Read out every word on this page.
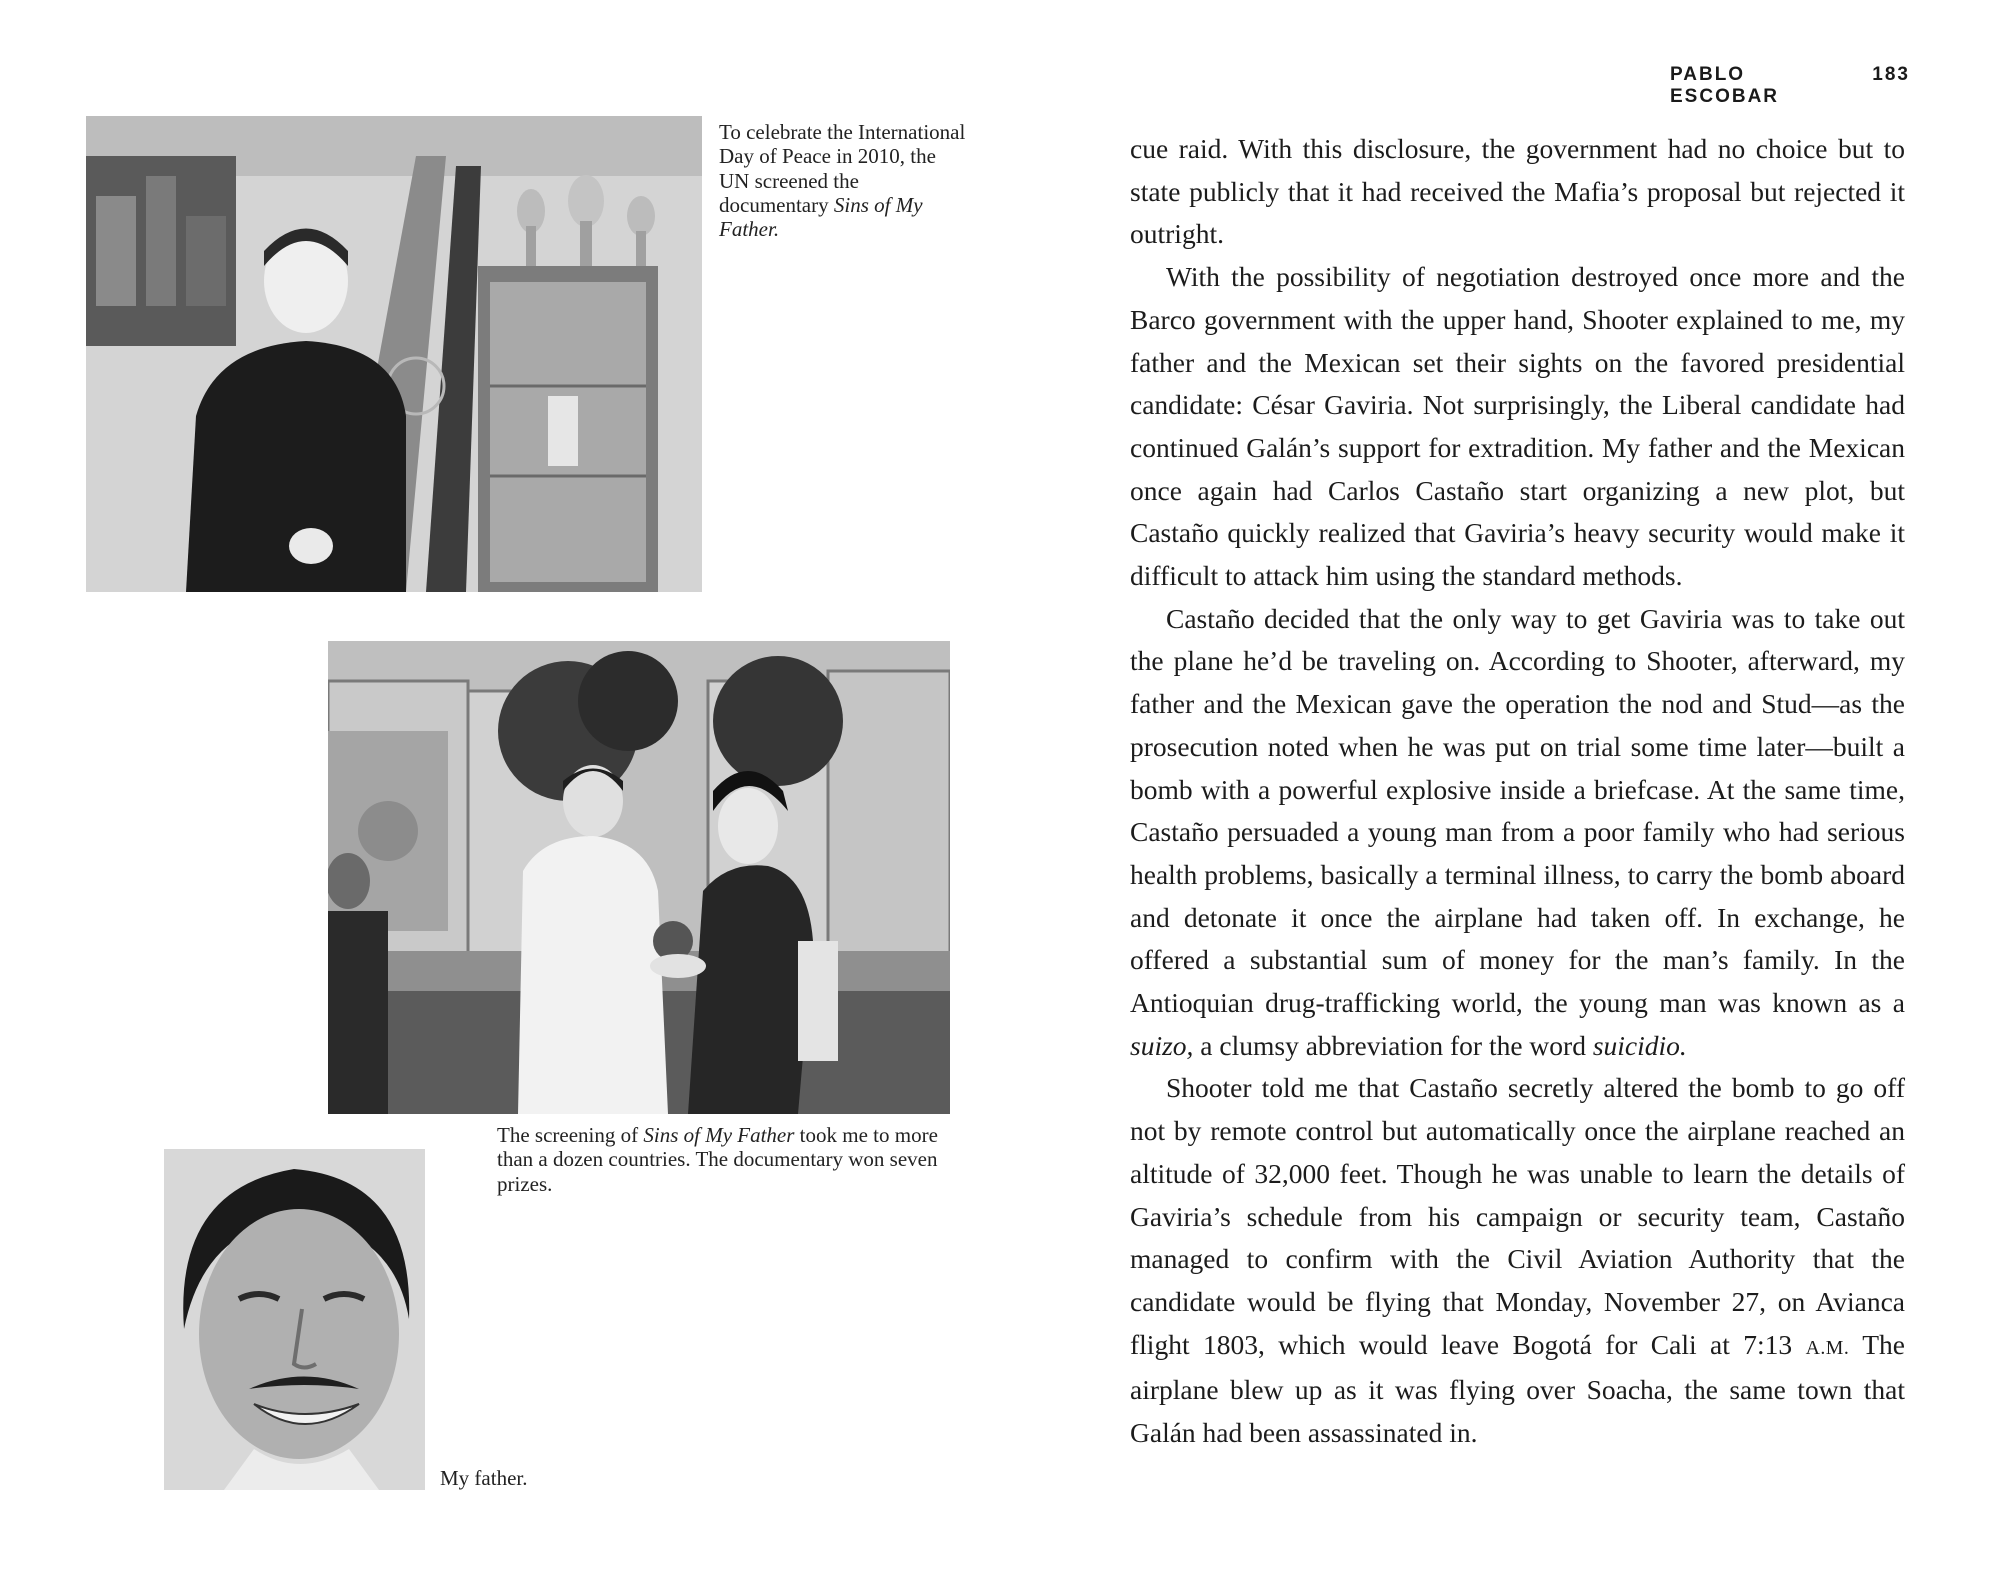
To celebrate the International Day of Peace in 2010, the UN screened the documentary Sins of My Father.
The screening of Sins of My Father took me to more than a dozen countries. The documentary won seven prizes.
My father.
PABLO ESCOBAR
183

cue raid. With this disclosure, the government had no choice but to state publicly that it had received the Mafia’s proposal but rejected it outright.

With the possibility of negotiation destroyed once more and the Barco government with the upper hand, Shooter explained to me, my father and the Mexican set their sights on the favored presidential candidate: César Gaviria. Not surprisingly, the Liberal candidate had continued Galán’s support for extradition. My father and the Mexican once again had Carlos Castaño start organizing a new plot, but Castaño quickly realized that Gaviria’s heavy security would make it difficult to attack him using the standard methods.

Castaño decided that the only way to get Gaviria was to take out the plane he’d be traveling on. According to Shooter, afterward, my father and the Mexican gave the operation the nod and Stud—as the prosecution noted when he was put on trial some time later—built a bomb with a powerful explosive inside a briefcase. At the same time, Castaño persuaded a young man from a poor family who had serious health problems, basically a terminal illness, to carry the bomb aboard and detonate it once the airplane had taken off. In exchange, he offered a substantial sum of money for the man’s family. In the Antioquian drug-trafficking world, the young man was known as a suizo, a clumsy abbreviation for the word suicidio.

Shooter told me that Castaño secretly altered the bomb to go off not by remote control but automatically once the airplane reached an altitude of 32,000 feet. Though he was unable to learn the details of Gaviria’s schedule from his campaign or security team, Castaño managed to confirm with the Civil Aviation Authority that the candidate would be flying that Monday, November 27, on Avianca flight 1803, which would leave Bogotá for Cali at 7:13 A.M. The airplane blew up as it was flying over Soacha, the same town that Galán had been assassinated in.
